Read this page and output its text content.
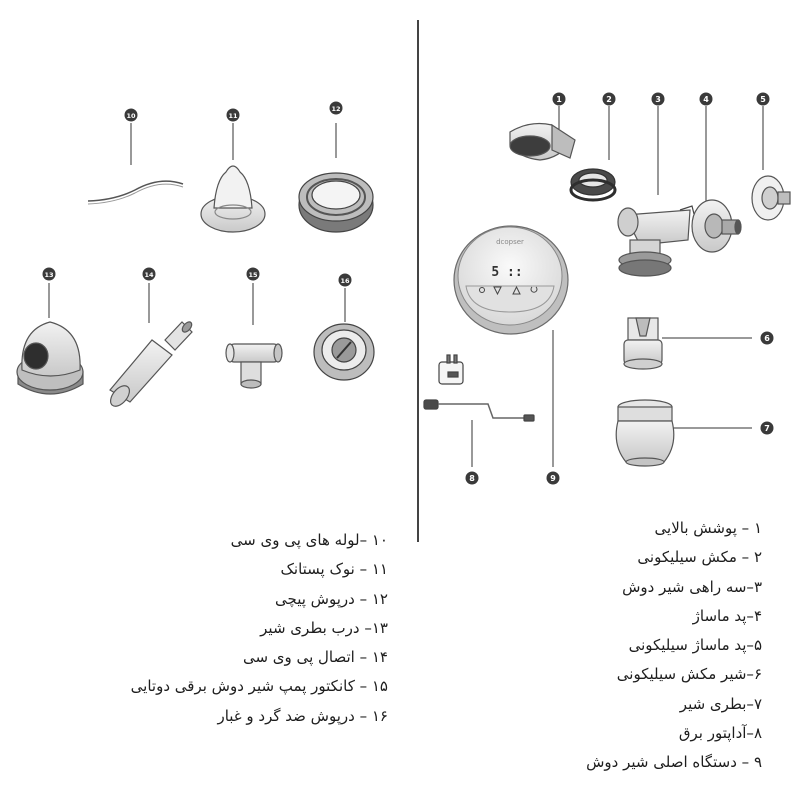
1	2	3	4	5
6
7
8	9
10	11
12
13	14	15
16
dcopser
5 ::
۱ – پوشش بالایی
۲ – مکش سیلیکونی
۳–سه راهی شیر دوش
۴–پد ماساژ
۵–پد ماساژ سیلیکونی
۶–شیر مکش سیلیکونی
۷–بطری شیر
۸–آداپتور برق
۹ – دستگاه اصلی شیر دوش
۱۰ –لوله های پی وی سی
۱۱ – نوک پستانک
۱۲ – درپوش پیچی
۱۳– درب بطری شیر
۱۴ – اتصال پی وی سی
۱۵ – کانکتور پمپ شیر دوش برقی دوتایی
۱۶ – درپوش ضد گرد و غبار
